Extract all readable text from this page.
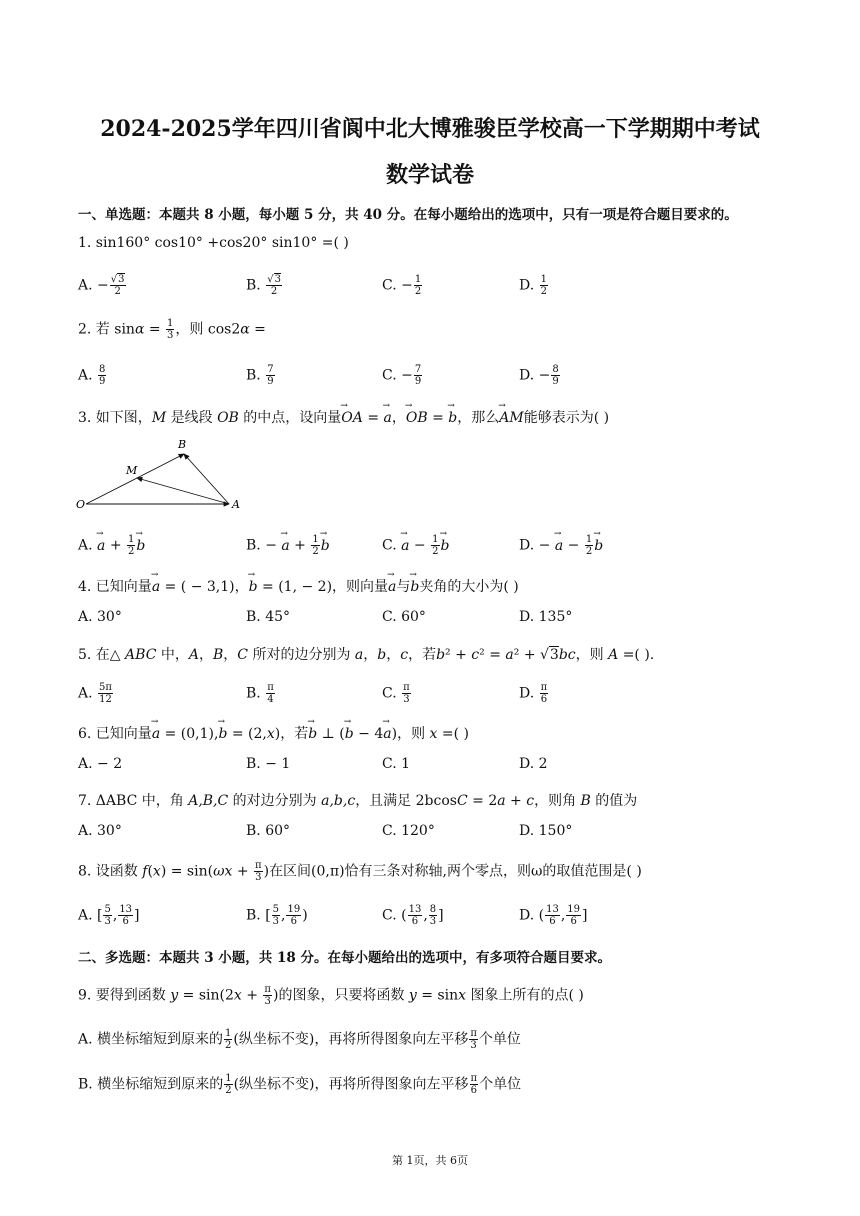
2024-2025学年四川省阆中北大博雅骏臣学校高一下学期期中考试
数学试卷
一、单选题：本题共 8 小题，每小题 5 分，共 40 分。在每小题给出的选项中，只有一项是符合题目要求的。
1. sin160° cos10° +cos20° sin10° =( )
A. − $\frac{√3}{2}$	B. $\frac{√3}{2}$	C. − $\frac{1}{2}$	D. $\frac{1}{2}$
2. 若 $\sin\alpha = \frac{1}{3}$ ，则 cos2α =
A. $\frac{8}{9}$	B. $\frac{7}{9}$	C. − $\frac{7}{9}$	D. − $\frac{8}{9}$
3. 如下图，M 是线段 OB 的中点，设向量→ OA = → a，→ OB = → b，那么→ AM能够表示为( )
O	A
B
M
A. → $a + \frac{1}{2}$
→ b	B. − → $a + \frac{1}{2}$
→ b	C. → $a - \frac{1}{2}$
→ b	D. − → $a - \frac{1}{2}$
→ b
4. 已知向量→ a = ( − 3,1)，→ b = (1, − 2)，则向量→ a与→ b夹角的大小为( )
A. 30°	B. 45°	C. 60°	D. 135°
5. 在△ ABC 中，A，B，C 所对的边分别为 a，b，c，若b² + c² = a² + √3bc，则 A =( ).
A. $\frac{5\pi}{12}$	B. $\frac{\pi}{4}$	C. $\frac{\pi}{3}$	D. $\frac{\pi}{6}$
6. 已知向量→ a = (0,1),→ b = (2,x)，若→ b ⊥ (→ b − 4→ a)，则 x =( )
A. − 2	B. − 1	C. 1	D. 2
7. ΔABC 中，角 A,B,C 的对边分别为 a,b,c，且满足 2bcosC = 2a + c，则角 B 的值为
A. 30°	B. 60°	C. 120°	D. 150°
8. 设函数 $f(x) = \sin(\omega x + \frac{\pi}{3}$ )在区间(0,π)恰有三条对称轴,两个零点，则ω的取值范围是( )
A. [ $\frac{5}{3}$ , $\frac{13}{6}$ ]	B. [ $\frac{5}{3}$ , $\frac{19}{6}$ )	C. ( $\frac{13}{6}$ , $\frac{8}{3}$ ]	D. ( $\frac{13}{6}$ , $\frac{19}{6}$ ]
二、多选题：本题共 3 小题，共 18 分。在每小题给出的选项中，有多项符合题目要求。
9. 要得到函数 $y = \sin(2x + \frac{\pi}{3}$ )的图象，只要将函数 y = sinx 图象上所有的点( )
A. 横坐标缩短到原来的 $\frac{1}{2}$ (纵坐标不变)，再将所得图象向左平移 $\frac{\pi}{3}$ 个单位
B. 横坐标缩短到原来的 $\frac{1}{2}$ (纵坐标不变)，再将所得图象向左平移 $\frac{\pi}{6}$ 个单位
第 1页，共 6页
